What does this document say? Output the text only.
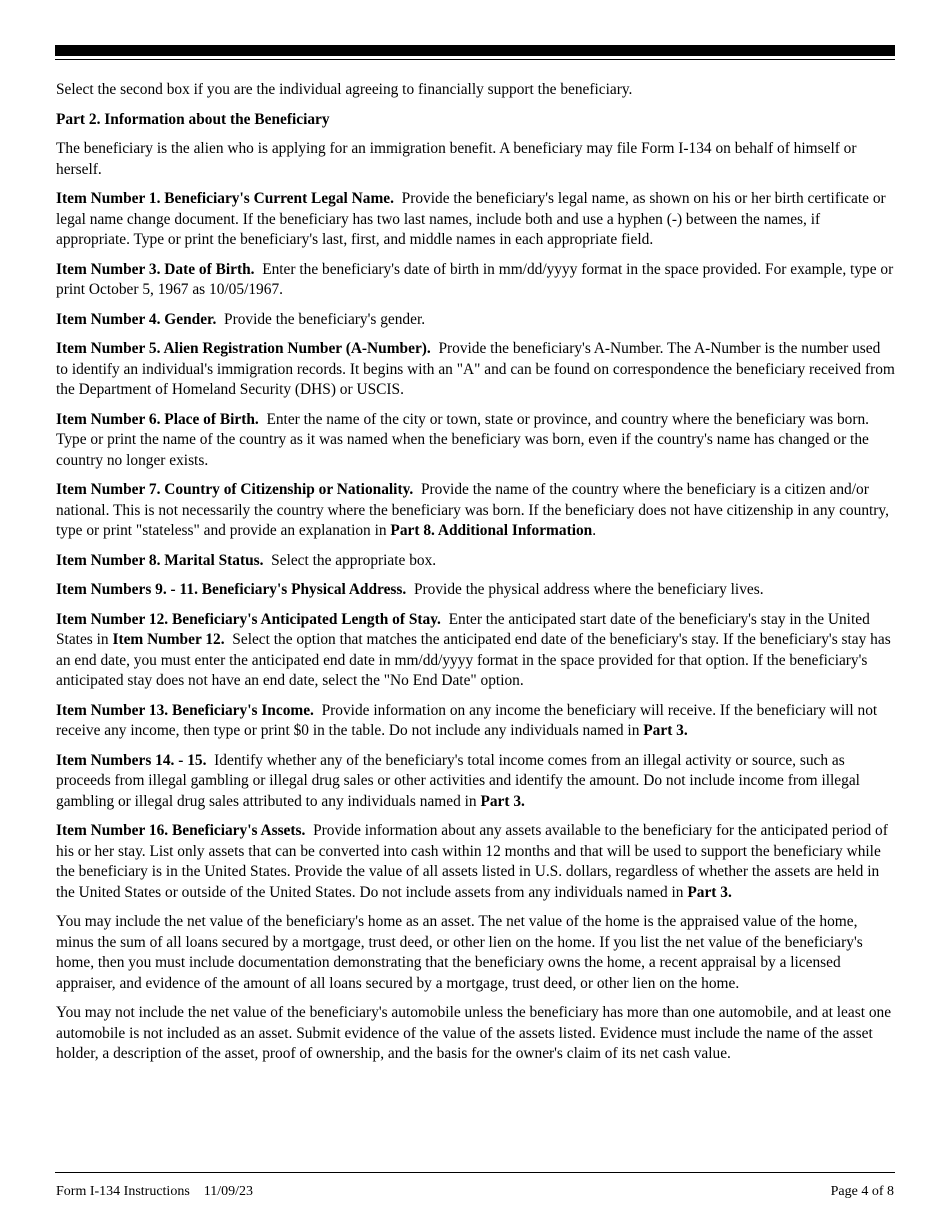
Select the second box if you are the individual agreeing to financially support the beneficiary.

Part 2. Information about the Beneficiary

The beneficiary is the alien who is applying for an immigration benefit. A beneficiary may file Form I-134 on behalf of himself or herself.

Item Number 1. Beneficiary's Current Legal Name. Provide the beneficiary's legal name, as shown on his or her birth certificate or legal name change document. If the beneficiary has two last names, include both and use a hyphen (-) between the names, if appropriate. Type or print the beneficiary's last, first, and middle names in each appropriate field.

Item Number 3. Date of Birth. Enter the beneficiary's date of birth in mm/dd/yyyy format in the space provided. For example, type or print October 5, 1967 as 10/05/1967.

Item Number 4. Gender. Provide the beneficiary's gender.

Item Number 5. Alien Registration Number (A-Number). Provide the beneficiary's A-Number. The A-Number is the number used to identify an individual's immigration records. It begins with an "A" and can be found on correspondence the beneficiary received from the Department of Homeland Security (DHS) or USCIS.

Item Number 6. Place of Birth. Enter the name of the city or town, state or province, and country where the beneficiary was born. Type or print the name of the country as it was named when the beneficiary was born, even if the country's name has changed or the country no longer exists.

Item Number 7. Country of Citizenship or Nationality. Provide the name of the country where the beneficiary is a citizen and/or national. This is not necessarily the country where the beneficiary was born. If the beneficiary does not have citizenship in any country, type or print "stateless" and provide an explanation in Part 8. Additional Information.

Item Number 8. Marital Status. Select the appropriate box.

Item Numbers 9. - 11. Beneficiary's Physical Address. Provide the physical address where the beneficiary lives.

Item Number 12. Beneficiary's Anticipated Length of Stay. Enter the anticipated start date of the beneficiary's stay in the United States in Item Number 12. Select the option that matches the anticipated end date of the beneficiary's stay. If the beneficiary's stay has an end date, you must enter the anticipated end date in mm/dd/yyyy format in the space provided for that option. If the beneficiary's anticipated stay does not have an end date, select the "No End Date" option.

Item Number 13. Beneficiary's Income. Provide information on any income the beneficiary will receive. If the beneficiary will not receive any income, then type or print $0 in the table. Do not include any individuals named in Part 3.

Item Numbers 14. - 15. Identify whether any of the beneficiary's total income comes from an illegal activity or source, such as proceeds from illegal gambling or illegal drug sales or other activities and identify the amount. Do not include income from illegal gambling or illegal drug sales attributed to any individuals named in Part 3.

Item Number 16. Beneficiary's Assets. Provide information about any assets available to the beneficiary for the anticipated period of his or her stay. List only assets that can be converted into cash within 12 months and that will be used to support the beneficiary while the beneficiary is in the United States. Provide the value of all assets listed in U.S. dollars, regardless of whether the assets are held in the United States or outside of the United States. Do not include assets from any individuals named in Part 3.

You may include the net value of the beneficiary's home as an asset. The net value of the home is the appraised value of the home, minus the sum of all loans secured by a mortgage, trust deed, or other lien on the home. If you list the net value of the beneficiary's home, then you must include documentation demonstrating that the beneficiary owns the home, a recent appraisal by a licensed appraiser, and evidence of the amount of all loans secured by a mortgage, trust deed, or other lien on the home.

You may not include the net value of the beneficiary's automobile unless the beneficiary has more than one automobile, and at least one automobile is not included as an asset. Submit evidence of the value of the assets listed. Evidence must include the name of the asset holder, a description of the asset, proof of ownership, and the basis for the owner's claim of its net cash value.

Form I-134 Instructions 11/09/23	Page 4 of 8
